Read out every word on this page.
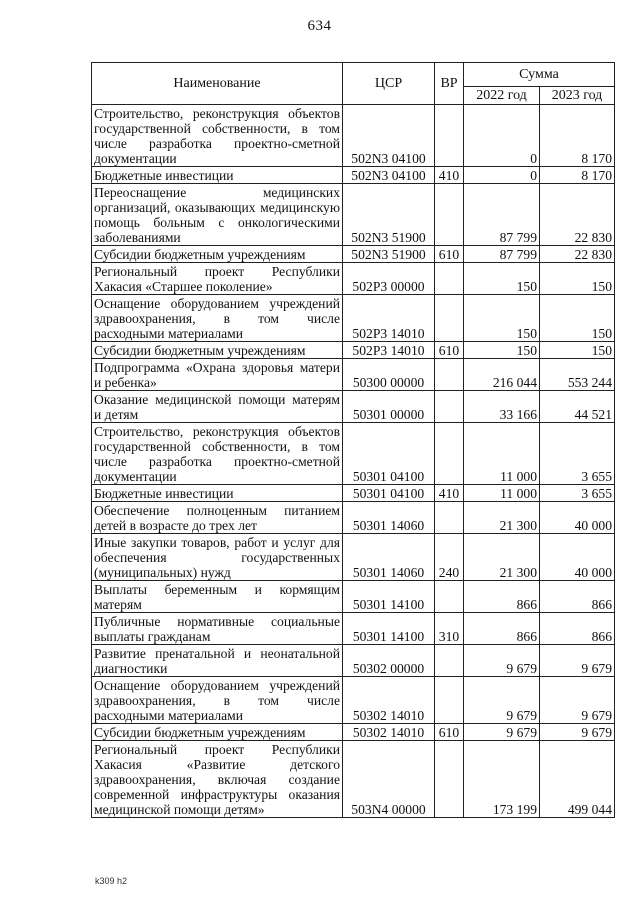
634
Наименование	ЦСР	ВР	Сумма	
			2022 год	2023 год
Строительство, реконструкция объектов государственной собственности, в том числе разработка проектно-сметной документации	502N3 04100		0	8 170
Бюджетные инвестиции	502N3 04100	410	0	8 170
Переоснащение медицинских организаций, оказывающих медицинскую помощь больным с онкологическими заболеваниями	502N3 51900		87 799	22 830
Субсидии бюджетным учреждениям	502N3 51900	610	87 799	22 830
Региональный проект Республики Хакасия «Старшее поколение»	502P3 00000		150	150
Оснащение оборудованием учреждений здравоохранения, в том числе расходными материалами	502P3 14010		150	150
Субсидии бюджетным учреждениям	502P3 14010	610	150	150
Подпрограмма «Охрана здоровья матери и ребенка»	50300 00000		216 044	553 244
Оказание медицинской помощи матерям и детям	50301 00000		33 166	44 521
Строительство, реконструкция объектов государственной собственности, в том числе разработка проектно-сметной документации	50301 04100		11 000	3 655
Бюджетные инвестиции	50301 04100	410	11 000	3 655
Обеспечение полноценным питанием детей в возрасте до трех лет	50301 14060		21 300	40 000
Иные закупки товаров, работ и услуг для обеспечения государственных (муниципальных) нужд	50301 14060	240	21 300	40 000
Выплаты беременным и кормящим матерям	50301 14100		866	866
Публичные нормативные социальные выплаты гражданам	50301 14100	310	866	866
Развитие пренатальной и неонатальной диагностики	50302 00000		9 679	9 679
Оснащение оборудованием учреждений здравоохранения, в том числе расходными материалами	50302 14010		9 679	9 679
Субсидии бюджетным учреждениям	50302 14010	610	9 679	9 679
Региональный проект Республики Хакасия «Развитие детского здравоохранения, включая создание современной инфраструктуры оказания медицинской помощи детям»	503N4 00000		173 199	499 044
k309 h2
